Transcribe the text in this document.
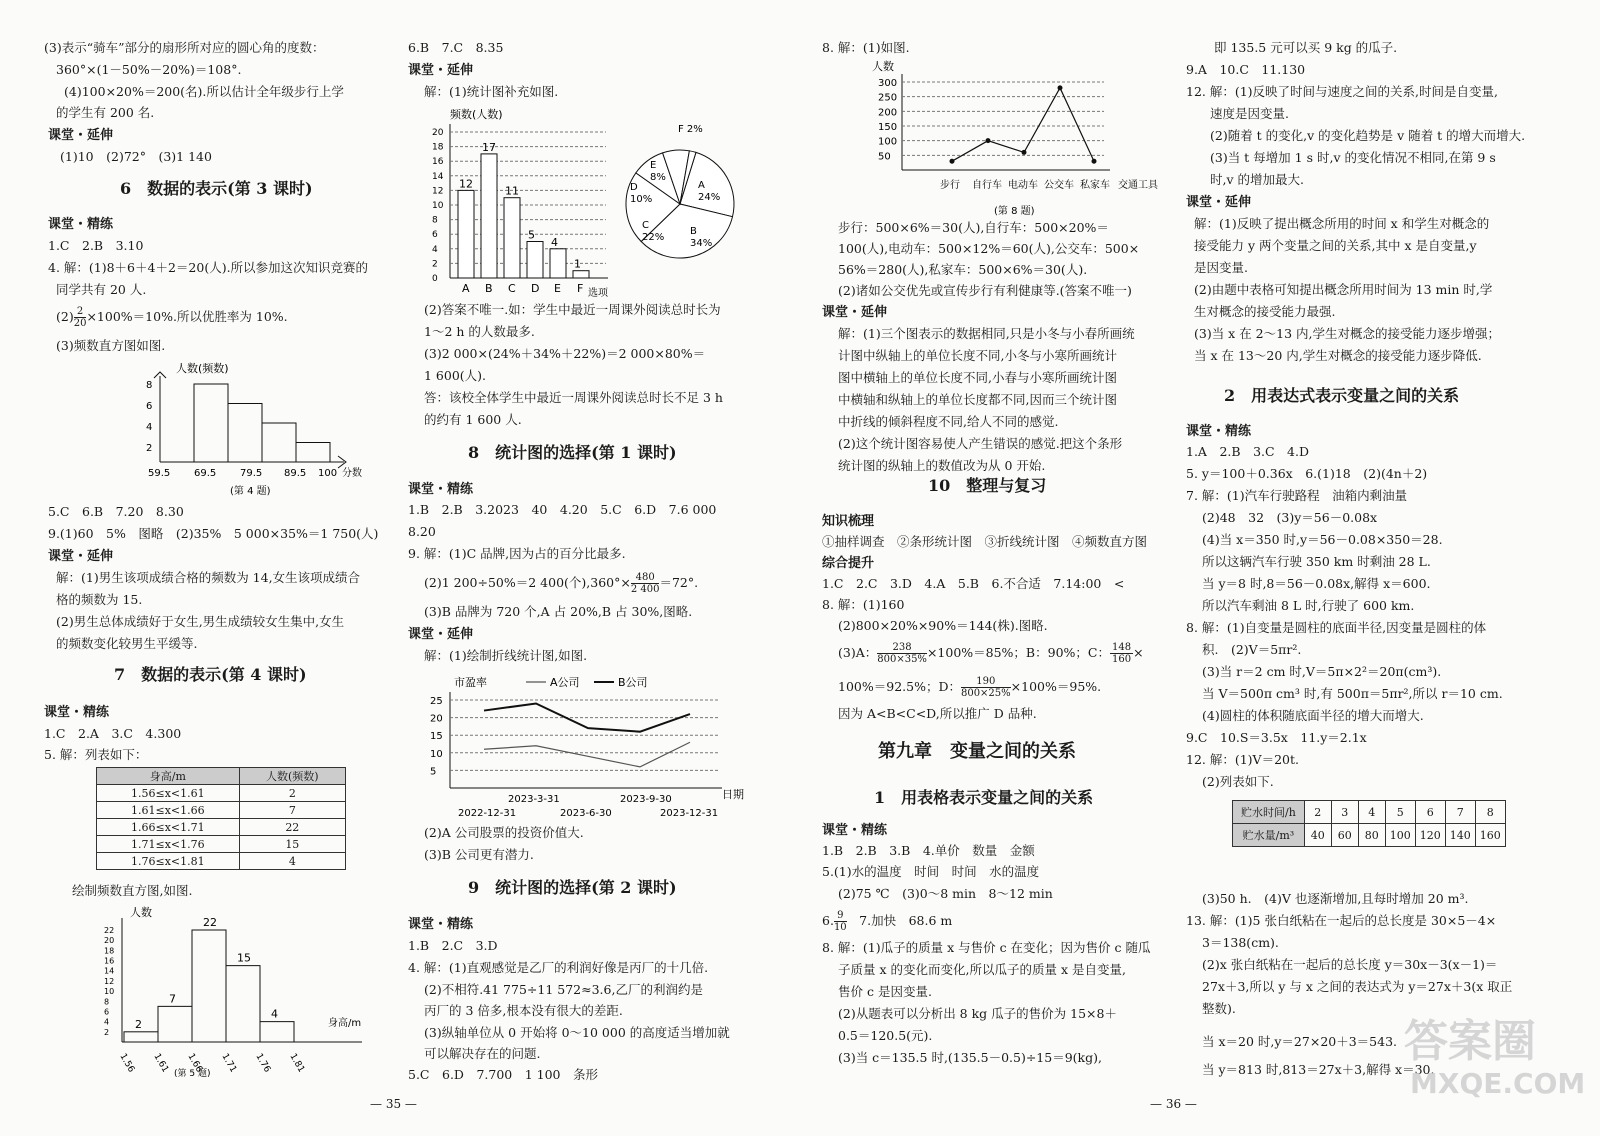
(3)表示“骑车”部分的扇形所对应的圆心角的度数：
360°×(1－50%－20%)＝108°.
(4)100×20%＝200(名).所以估计全年级步行上学
的学生有 200 名.
课堂・延伸
(1)10　(2)72°　(3)1 140
6　数据的表示(第 3 课时)
课堂・精练
1.C　2.B　3.10
4. 解：(1)8＋6＋4＋2＝20(人).所以参加这次知识竞赛的
同学共有 20 人.
$(2) \frac{2}{20} \times 100\%=10\%$.所以优胜率为 10%.
(3)频数直方图如图.
人数(频数)
8
6
4
2
59.5 69.5 79.5 89.5 100 分数
(第 4 题)
5.C　6.B　7.20　8.30
9.(1)60　5%　图略　(2)35%　5 000×35%＝1 750(人)
课堂・延伸
解：(1)男生该项成绩合格的频数为 14,女生该项成绩合
格的频数为 15.
(2)男生总体成绩好于女生,男生成绩较女生集中,女生
的频数变化较男生平缓等.
7　数据的表示(第 4 课时)
课堂・精练
1.C　2.A　3.C　4.300
5. 解：列表如下：
身高/m	人数(频数)
1.56≤x<1.61	2
1.61≤x<1.66	7
1.66≤x<1.71	22
1.71≤x<1.76	15
1.76≤x<1.81	4
绘制频数直方图,如图.
人数
2
4
6
8
10
12
14
16
18
20
22
2
7
22
15
4
身高/m
1.56 1.61 1.66 1.71 1.76 1.81
(第 5 题)
6.B　7.C　8.35
课堂・延伸
解：(1)统计图补充如图.
频数(人数)
0
2
4
6
8
10
12
14
16
18
20
12
A
17
B
11
C
5
D
4
E
1
F 选项
A 24%
B 34%
C 22%
D 10%
E 8%
F 2%
(2)答案不唯一.如：学生中最近一周课外阅读总时长为
1～2 h 的人数最多.
(3)2 000×(24%＋34%＋22%)＝2 000×80%＝
1 600(人).
答：该校全体学生中最近一周课外阅读总时长不足 3 h
的约有 1 600 人.
8　统计图的选择(第 1 课时)
课堂・精练
1.B　2.B　3.2023　40　4.20　5.C　6.D　7.6 000
8.20
9. 解：(1)C 品牌,因为占的百分比最多.
(2)1 200÷50%＝2 400(个)$,360^\circ\times \frac{480}{2 400} =72^\circ$.
(3)B 品牌为 720 个,A 占 20%,B 占 30%,图略.
课堂・延伸
解：(1)绘制折线统计图,如图.
市盈率	A公司	B公司
5
10
15
20
25
2022-12-31
2023-3-31
2023-6-30
2023-9-30
2023-12-31
日期
(2)A 公司股票的投资价值大.
(3)B 公司更有潜力.
9　统计图的选择(第 2 课时)
课堂・精练
1.B　2.C　3.D
4. 解：(1)直观感觉是乙厂的利润好像是丙厂的十几倍.
(2)不相符.41 775÷11 572≈3.6,乙厂的利润约是
丙厂的 3 倍多,根本没有很大的差距.
(3)纵轴单位从 0 开始将 0～10 000 的高度适当增加就
可以解决存在的问题.
5.C　6.D　7.700　1 100　条形
— 35 —
8. 解：(1)如图.
人数
50
100
150
200
250
300
步行 自行车 电动车 公交车 私家车 交通工具
(第 8 题)
步行：500×6%＝30(人),自行车：500×20%＝
100(人),电动车：500×12%＝60(人),公交车：500×
56%＝280(人),私家车：500×6%＝30(人).
(2)诸如公交优先或宣传步行有利健康等.(答案不唯一)
课堂・延伸
解：(1)三个图表示的数据相同,只是小冬与小春所画统
计图中纵轴上的单位长度不同,小冬与小寒所画统计
图中横轴上的单位长度不同,小春与小寒所画统计图
中横轴和纵轴上的单位长度都不同,因而三个统计图
中折线的倾斜程度不同,给人不同的感觉.
(2)这个统计图容易使人产生错误的感觉.把这个条形
统计图的纵轴上的数值改为从 0 开始.
10　整理与复习
知识梳理
①抽样调查　②条形统计图　③折线统计图　④频数直方图
综合提升
1.C　2.C　3.D　4.A　5.B　6.不合适　7.14:00　<
8. 解：(1)160
(2)800×20%×90%＝144(株).图略.
(3)A： $\frac{238}{800\times 35\%} \times 100\%=85\%$；B：90%；C： $\frac{148}{160}$ ×
100%＝92.5%；D： $\frac{190}{800\times 25\%} \times 100\%=95\%$.
因为 A<B<C<D,所以推广 D 品种.
第九章　变量之间的关系
1　用表格表示变量之间的关系
课堂・精练
1.B　2.B　3.B　4.单价　数量　金额
5.(1)水的温度　时间　时间　水的温度
(2)75 ℃　(3)0～8 min　8～12 min
6. $\frac{9}{10}$ 　7.加快　68.6 m
8. 解：(1)瓜子的质量 x 与售价 c 在变化；因为售价 c 随瓜
子质量 x 的变化而变化,所以瓜子的质量 x 是自变量,
售价 c 是因变量.
(2)从题表可以分析出 8 kg 瓜子的售价为 15×8＋
0.5＝120.5(元).
(3)当 c＝135.5 时,(135.5－0.5)÷15＝9(kg),
即 135.5 元可以买 9 kg 的瓜子.
9.A　10.C　11.130
12. 解：(1)反映了时间与速度之间的关系,时间是自变量,
速度是因变量.
(2)随着 t 的变化,v 的变化趋势是 v 随着 t 的增大而增大.
(3)当 t 每增加 1 s 时,v 的变化情况不相同,在第 9 s
时,v 的增加最大.
课堂・延伸
解：(1)反映了提出概念所用的时间 x 和学生对概念的
接受能力 y 两个变量之间的关系,其中 x 是自变量,y
是因变量.
(2)由题中表格可知提出概念所用时间为 13 min 时,学
生对概念的接受能力最强.
(3)当 x 在 2～13 内,学生对概念的接受能力逐步增强；
当 x 在 13～20 内,学生对概念的接受能力逐步降低.
2　用表达式表示变量之间的关系
课堂・精练
1.A　2.B　3.C　4.D
5. y＝100＋0.36x　6.(1)18　(2)(4n＋2)
7. 解：(1)汽车行驶路程　油箱内剩油量
(2)48　32　(3)y＝56－0.08x
(4)当 x＝350 时,y＝56－0.08×350＝28.
所以这辆汽车行驶 350 km 时剩油 28 L.
当 y＝8 时,8＝56－0.08x,解得 x＝600.
所以汽车剩油 8 L 时,行驶了 600 km.
8. 解：(1)自变量是圆柱的底面半径,因变量是圆柱的体
积.　(2)V＝5πr².
(3)当 r＝2 cm 时,V＝5π×2²＝20π(cm³).
当 V＝500π cm³ 时,有 500π＝5πr²,所以 r＝10 cm.
(4)圆柱的体积随底面半径的增大而增大.
9.C　10.S＝3.5x　11.y＝2.1x
12. 解：(1)V＝20t.
(2)列表如下.
贮水时间/h	2	3	4	5	6	7	8
贮水量/m³	40	60	80	100	120	140	160
(3)50 h.　(4)V 也逐渐增加,且每时增加 20 m³.
13. 解：(1)5 张白纸粘在一起后的总长度是 30×5－4×
3＝138(cm).
(2)x 张白纸粘在一起后的总长度 y＝30x－3(x－1)＝
27x＋3,所以 y 与 x 之间的表达式为 y＝27x＋3(x 取正
整数).
当 x＝20 时,y＝27×20＋3＝543.
当 y＝813 时,813＝27x＋3,解得 x＝30.
— 36 —
答案圈
MXQE.COM
